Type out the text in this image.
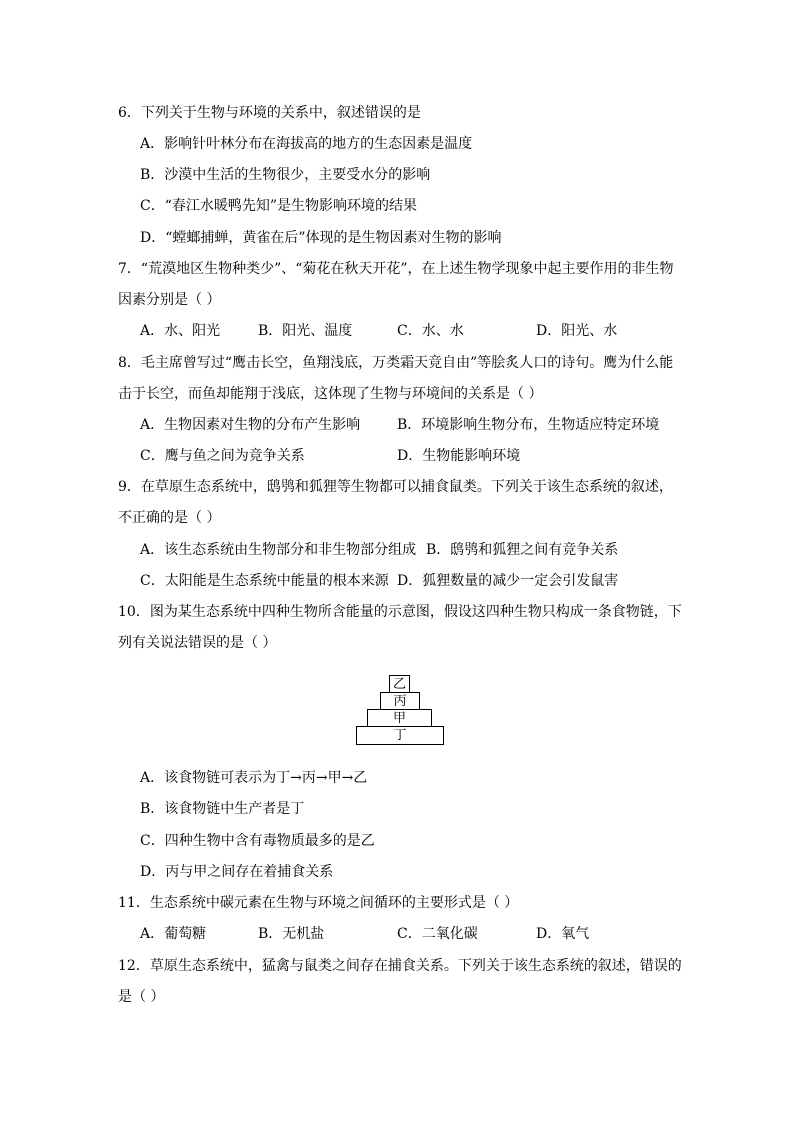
6．下列关于生物与环境的关系中，叙述错误的是
A．影响针叶林分布在海拔高的地方的生态因素是温度
B．沙漠中生活的生物很少，主要受水分的影响
C．“春江水暖鸭先知”是生物影响环境的结果
D．“螳螂捕蝉，黄雀在后”体现的是生物因素对生物的影响
7．“荒漠地区生物种类少”、“菊花在秋天开花”，在上述生物学现象中起主要作用的非生物
因素分别是（ ）
A．水、阳光	B．阳光、温度	C．水、水	D．阳光、水
8．毛主席曾写过“鹰击长空，鱼翔浅底，万类霜天竞自由”等脍炙人口的诗句。鹰为什么能
击于长空，而鱼却能翔于浅底，这体现了生物与环境间的关系是（ ）
A．生物因素对生物的分布产生影响	B．环境影响生物分布，生物适应特定环境
C．鹰与鱼之间为竞争关系	D．生物能影响环境
9．在草原生态系统中，鸱鸮和狐狸等生物都可以捕食鼠类。下列关于该生态系统的叙述，
不正确的是（ ）
A．该生态系统由生物部分和非生物部分组成 B．鸱鸮和狐狸之间有竞争关系
C．太阳能是生态系统中能量的根本来源 D．狐狸数量的减少一定会引发鼠害
10．图为某生态系统中四种生物所含能量的示意图，假设这四种生物只构成一条食物链，下
列有关说法错误的是（ ）
乙
丙
甲
丁
A．该食物链可表示为丁→丙→甲→乙
B．该食物链中生产者是丁
C．四种生物中含有毒物质最多的是乙
D．丙与甲之间存在着捕食关系
11．生态系统中碳元素在生物与环境之间循环的主要形式是（ ）
A．葡萄糖	B．无机盐	C．二氧化碳	D．氧气
12．草原生态系统中，猛禽与鼠类之间存在捕食关系。下列关于该生态系统的叙述，错误的
是（ ）
